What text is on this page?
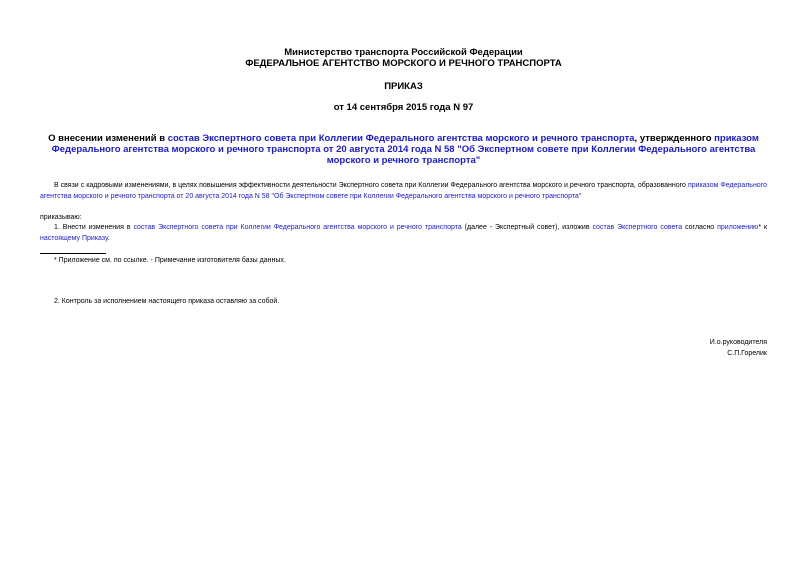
Министерство транспорта Российской Федерации
ФЕДЕРАЛЬНОЕ АГЕНТСТВО МОРСКОГО И РЕЧНОГО ТРАНСПОРТА
ПРИКАЗ
от 14 сентября 2015 года N 97
О внесении изменений в состав Экспертного совета при Коллегии Федерального агентства морского и речного транспорта, утвержденного приказом Федерального агентства морского и речного транспорта от 20 августа 2014 года N 58 "Об Экспертном совете при Коллегии Федерального агентства морского и речного транспорта"
В связи с кадровыми изменениями, в целях повышения эффективности деятельности Экспертного совета при Коллегии Федерального агентства морского и речного транспорта, образованного приказом Федерального агентства морского и речного транспорта от 20 августа 2014 года N 58 "Об Экспертном совете при Коллегии Федерального агентства морского и речного транспорта"
приказываю:
1. Внести изменения в состав Экспертного совета при Коллегии Федерального агентства морского и речного транспорта (далее - Экспертный совет), изложив состав Экспертного совета согласно приложению* к настоящему Приказу.
* Приложение см. по ссылке. - Примечание изготовителя базы данных.
2. Контроль за исполнением настоящего приказа оставляю за собой.
И.о.руководителя
С.П.Горелик
